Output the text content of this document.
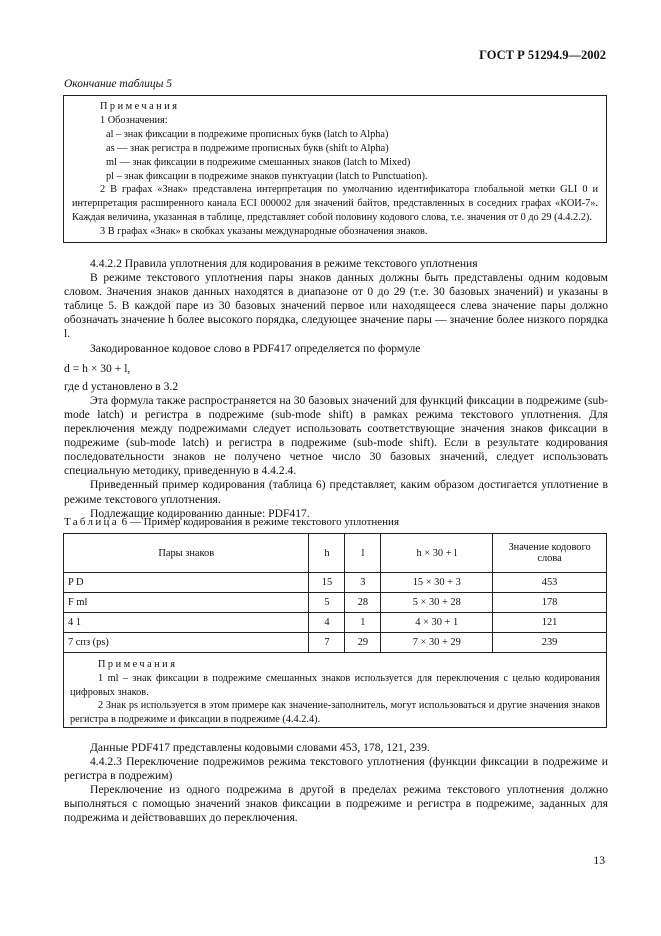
ГОСТ Р 51294.9—2002
Окончание таблицы 5

Примечания

1 Обозначения:

al – знак фиксации в подрежиме прописных букв (latch to Alpha)

as — знак регистра в подрежиме прописных букв (shift to Alpha)

ml — знак фиксации в подрежиме смешанных знаков (latch to Mixed)

pl – знак фиксации в подрежиме знаков пунктуации (latch to Punctuation).

2 В графах «Знак» представлена интерпретация по умолчанию идентификатора глобальной метки GLI 0 и интерпретация расширенного канала ECI 000002 для значений байтов, представленных в соседних графах «КОИ-7». Каждая величина, указанная в таблице, представляет собой половину кодового слова, т.е. значения от 0 до 29 (4.4.2.2).

3 В графах «Знак» в скобках указаны международные обозначения знаков.

4.4.2.2 Правила уплотнения для кодирования в режиме текстового уплотнения

В режиме текстового уплотнения пары знаков данных должны быть представлены одним кодовым словом. Значения знаков данных находятся в диапазоне от 0 до 29 (т.е. 30 базовых значений) и указаны в таблице 5. В каждой паре из 30 базовых значений первое или находящееся слева значение пары должно обозначать значение h более высокого порядка, следующее значение пары — значение более низкого порядка l.

Закодированное кодовое слово в PDF417 определяется по формуле

d = h × 30 + l,

где d установлено в 3.2

Эта формула также распространяется на 30 базовых значений для функций фиксации в подрежиме (sub-mode latch) и регистра в подрежиме (sub-mode shift) в рамках режима текстового уплотнения. Для переключения между подрежимами следует использовать соответствующие значения знаков фиксации в подрежиме (sub-mode latch) и регистра в подрежиме (sub-mode shift). Если в результате кодирования последовательности знаков не получено четное число 30 базовых значений, следует использовать специальную методику, приведенную в 4.4.2.4.

Приведенный пример кодирования (таблица 6) представляет, каким образом достигается уплотнение в режиме текстового уплотнения.

Подлежащие кодированию данные: PDF417.

Таблица 6 — Пример кодирования в режиме текстового уплотнения
Пары знаков	h	l	h × 30 + l	Значение кодового слова
P D	15	3	15 × 30 + 3	453
F ml	5	28	5 × 30 + 28	178
4 1	4	1	4 × 30 + 1	121
7 спз (ps)	7	29	7 × 30 + 29	239

Примечания

1 ml – знак фиксации в подрежиме смешанных знаков используется для переключения с целью кодирования цифровых знаков.

2 Знак ps используется в этом примере как значение-заполнитель, могут использоваться и другие значения знаков регистра в подрежиме и фиксации в подрежиме (4.4.2.4).

Данные PDF417 представлены кодовыми словами 453, 178, 121, 239.

4.4.2.3 Переключение подрежимов режима текстового уплотнения (функции фиксации в подрежиме и регистра в подрежим)

Переключение из одного подрежима в другой в пределах режима текстового уплотнения должно выполняться с помощью значений знаков фиксации в подрежиме и регистра в подрежиме, заданных для подрежима и действовавших до переключения.

13
